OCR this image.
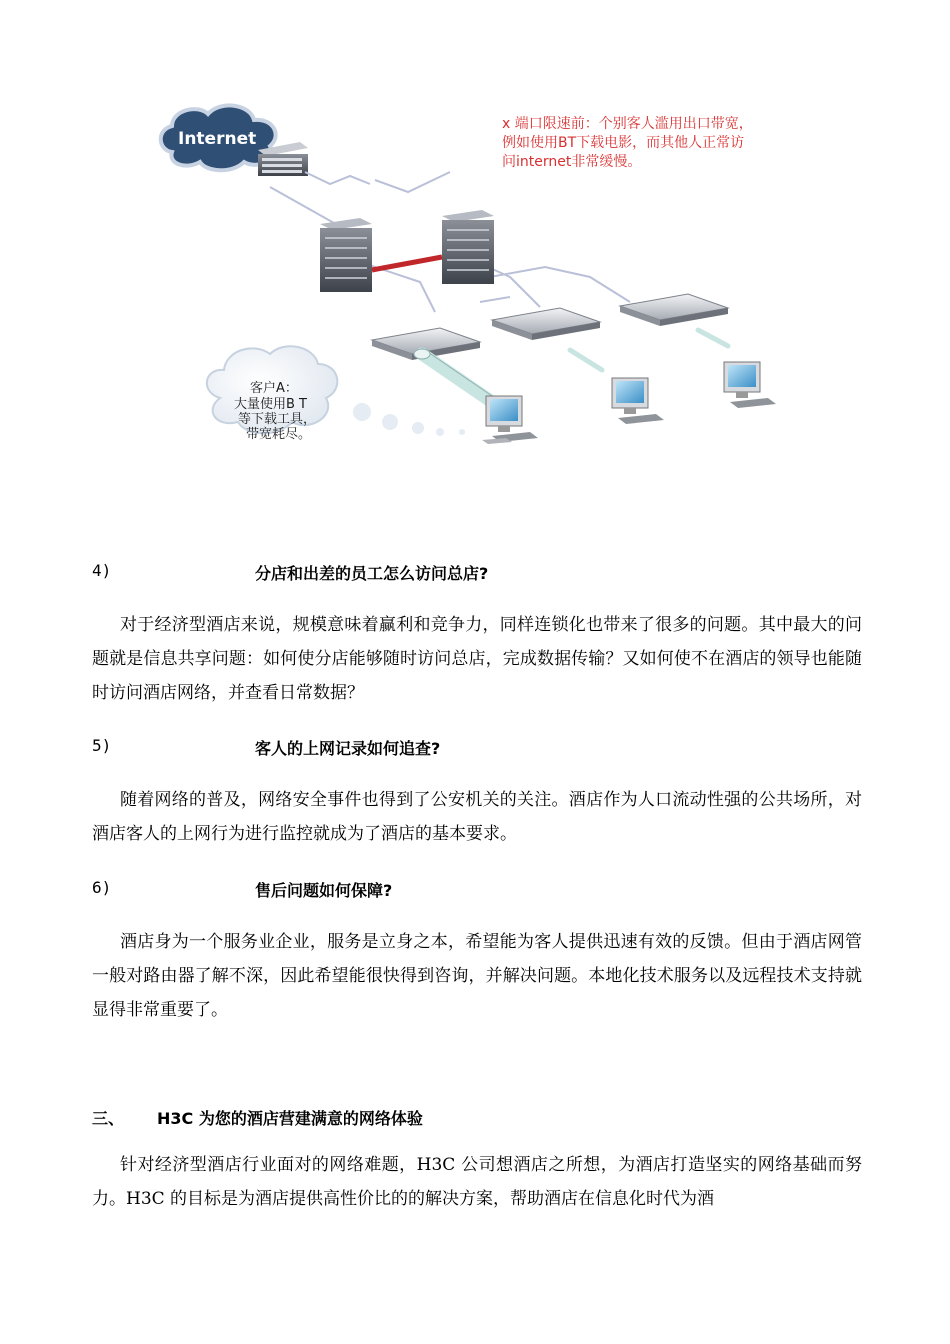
Internet
客户A： 大量使用B T 等下载工具， 带宽耗尽。
x 端口限速前：个别客人滥用出口带宽， 例如使用BT下载电影，而其他人正常访 问internet非常缓慢。
4)	分店和出差的员工怎么访问总店?
对于经济型酒店来说，规模意味着赢利和竞争力，同样连锁化也带来了很多的问题。其中最大的问题就是信息共享问题：如何使分店能够随时访问总店，完成数据传输？又如何使不在酒店的领导也能随时访问酒店网络，并查看日常数据？
5)	客人的上网记录如何追查?
随着网络的普及，网络安全事件也得到了公安机关的关注。酒店作为人口流动性强的公共场所，对酒店客人的上网行为进行监控就成为了酒店的基本要求。
6)	售后问题如何保障?
酒店身为一个服务业企业，服务是立身之本，希望能为客人提供迅速有效的反馈。但由于酒店网管一般对路由器了解不深，因此希望能很快得到咨询，并解决问题。本地化技术服务以及远程技术支持就显得非常重要了。
三、 H3C 为您的酒店营建满意的网络体验
针对经济型酒店行业面对的网络难题，H3C 公司想酒店之所想，为酒店打造坚实的网络基础而努力。H3C 的目标是为酒店提供高性价比的的解决方案，帮助酒店在信息化时代为酒
